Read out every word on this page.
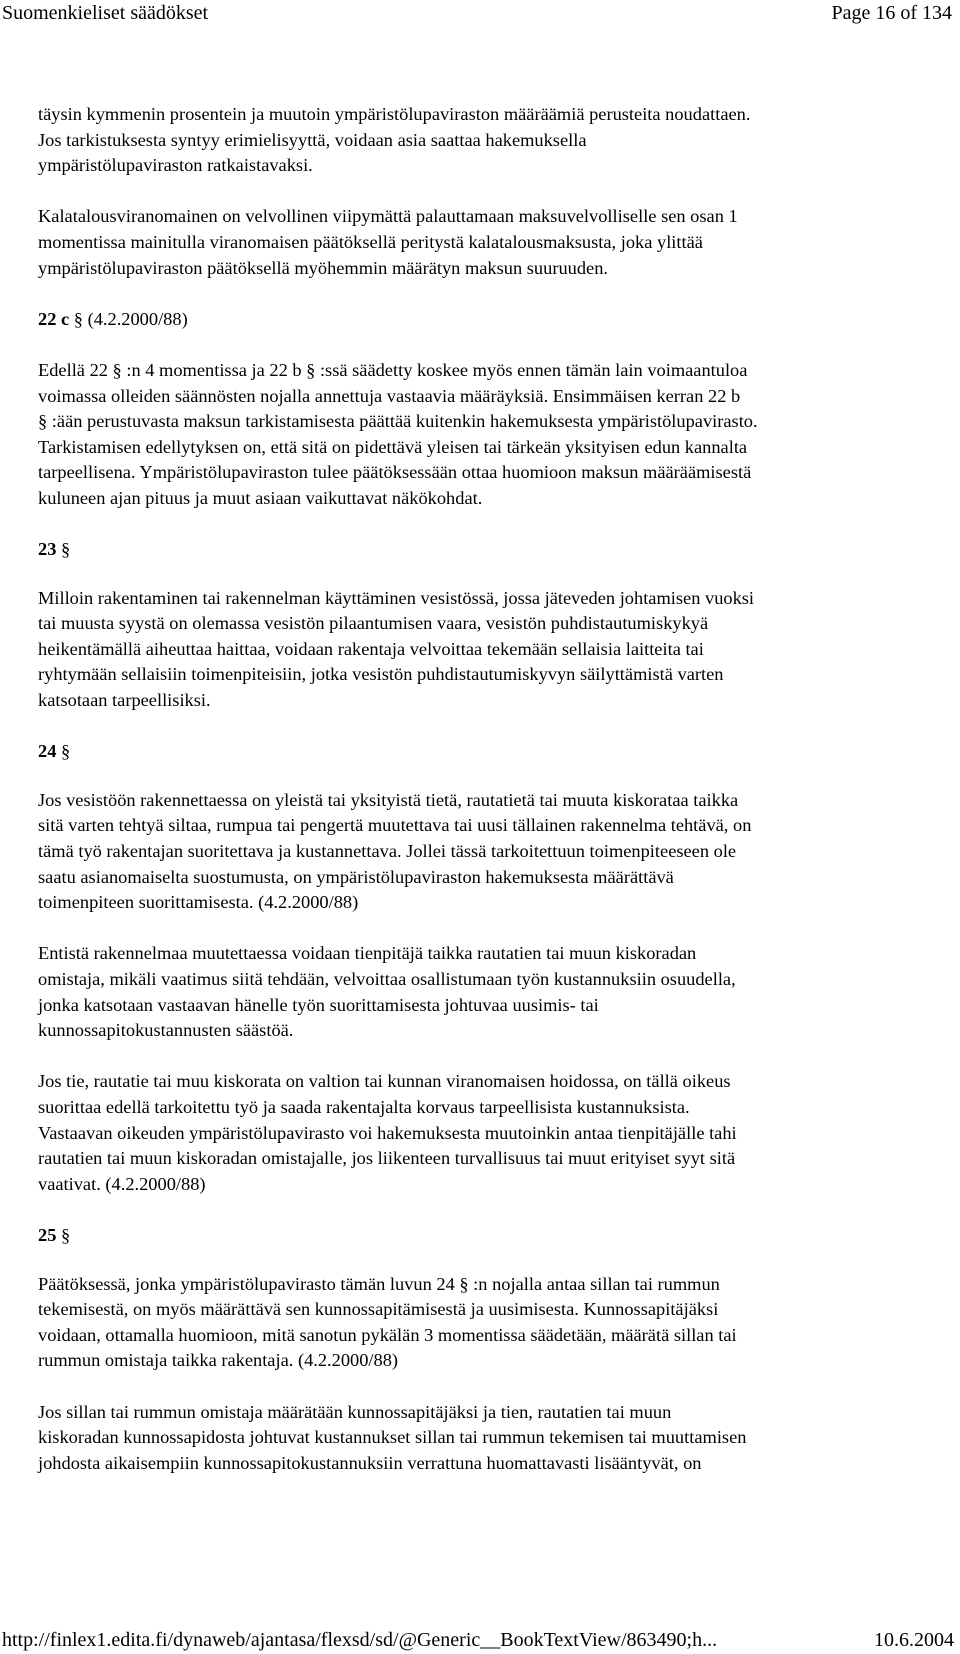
Suomenkieliset säädökset	Page 16 of 134
täysin kymmenin prosentein ja muutoin ympäristölupaviraston määräämiä perusteita noudattaen.
Jos tarkistuksesta syntyy erimielisyyttä, voidaan asia saattaa hakemuksella
ympäristölupaviraston ratkaistavaksi.
Kalatalousviranomainen on velvollinen viipymättä palauttamaan maksuvelvolliselle sen osan 1
momentissa mainitulla viranomaisen päätöksellä peritystä kalatalousmaksusta, joka ylittää
ympäristölupaviraston päätöksellä myöhemmin määrätyn maksun suuruuden.
22 c § (4.2.2000/88)
Edellä 22 § :n 4 momentissa ja 22 b § :ssä säädetty koskee myös ennen tämän lain voimaantuloa
voimassa olleiden säännösten nojalla annettuja vastaavia määräyksiä. Ensimmäisen kerran 22 b
§ :ään perustuvasta maksun tarkistamisesta päättää kuitenkin hakemuksesta ympäristölupavirasto.
Tarkistamisen edellytyksen on, että sitä on pidettävä yleisen tai tärkeän yksityisen edun kannalta
tarpeellisena. Ympäristölupaviraston tulee päätöksessään ottaa huomioon maksun määräämisestä
kuluneen ajan pituus ja muut asiaan vaikuttavat näkökohdat.
23 §
Milloin rakentaminen tai rakennelman käyttäminen vesistössä, jossa jäteveden johtamisen vuoksi
tai muusta syystä on olemassa vesistön pilaantumisen vaara, vesistön puhdistautumiskykyä
heikentämällä aiheuttaa haittaa, voidaan rakentaja velvoittaa tekemään sellaisia laitteita tai
ryhtymään sellaisiin toimenpiteisiin, jotka vesistön puhdistautumiskyvyn säilyttämistä varten
katsotaan tarpeellisiksi.
24 §
Jos vesistöön rakennettaessa on yleistä tai yksityistä tietä, rautatietä tai muuta kiskorataa taikka
sitä varten tehtyä siltaa, rumpua tai pengertä muutettava tai uusi tällainen rakennelma tehtävä, on
tämä työ rakentajan suoritettava ja kustannettava. Jollei tässä tarkoitettuun toimenpiteeseen ole
saatu asianomaiselta suostumusta, on ympäristölupaviraston hakemuksesta määrättävä
toimenpiteen suorittamisesta. (4.2.2000/88)
Entistä rakennelmaa muutettaessa voidaan tienpitäjä taikka rautatien tai muun kiskoradan
omistaja, mikäli vaatimus siitä tehdään, velvoittaa osallistumaan työn kustannuksiin osuudella,
jonka katsotaan vastaavan hänelle työn suorittamisesta johtuvaa uusimis- tai
kunnossapitokustannusten säästöä.
Jos tie, rautatie tai muu kiskorata on valtion tai kunnan viranomaisen hoidossa, on tällä oikeus
suorittaa edellä tarkoitettu työ ja saada rakentajalta korvaus tarpeellisista kustannuksista.
Vastaavan oikeuden ympäristölupavirasto voi hakemuksesta muutoinkin antaa tienpitäjälle tahi
rautatien tai muun kiskoradan omistajalle, jos liikenteen turvallisuus tai muut erityiset syyt sitä
vaativat. (4.2.2000/88)
25 §
Päätöksessä, jonka ympäristölupavirasto tämän luvun 24 § :n nojalla antaa sillan tai rummun
tekemisestä, on myös määrättävä sen kunnossapitämisestä ja uusimisesta. Kunnossapitäjäksi
voidaan, ottamalla huomioon, mitä sanotun pykälän 3 momentissa säädetään, määrätä sillan tai
rummun omistaja taikka rakentaja. (4.2.2000/88)
Jos sillan tai rummun omistaja määrätään kunnossapitäjäksi ja tien, rautatien tai muun
kiskoradan kunnossapidosta johtuvat kustannukset sillan tai rummun tekemisen tai muuttamisen
johdosta aikaisempiin kunnossapitokustannuksiin verrattuna huomattavasti lisääntyvät, on
http://finlex1.edita.fi/dynaweb/ajantasa/flexsd/sd/@Generic__BookTextView/863490;h...	10.6.2004
